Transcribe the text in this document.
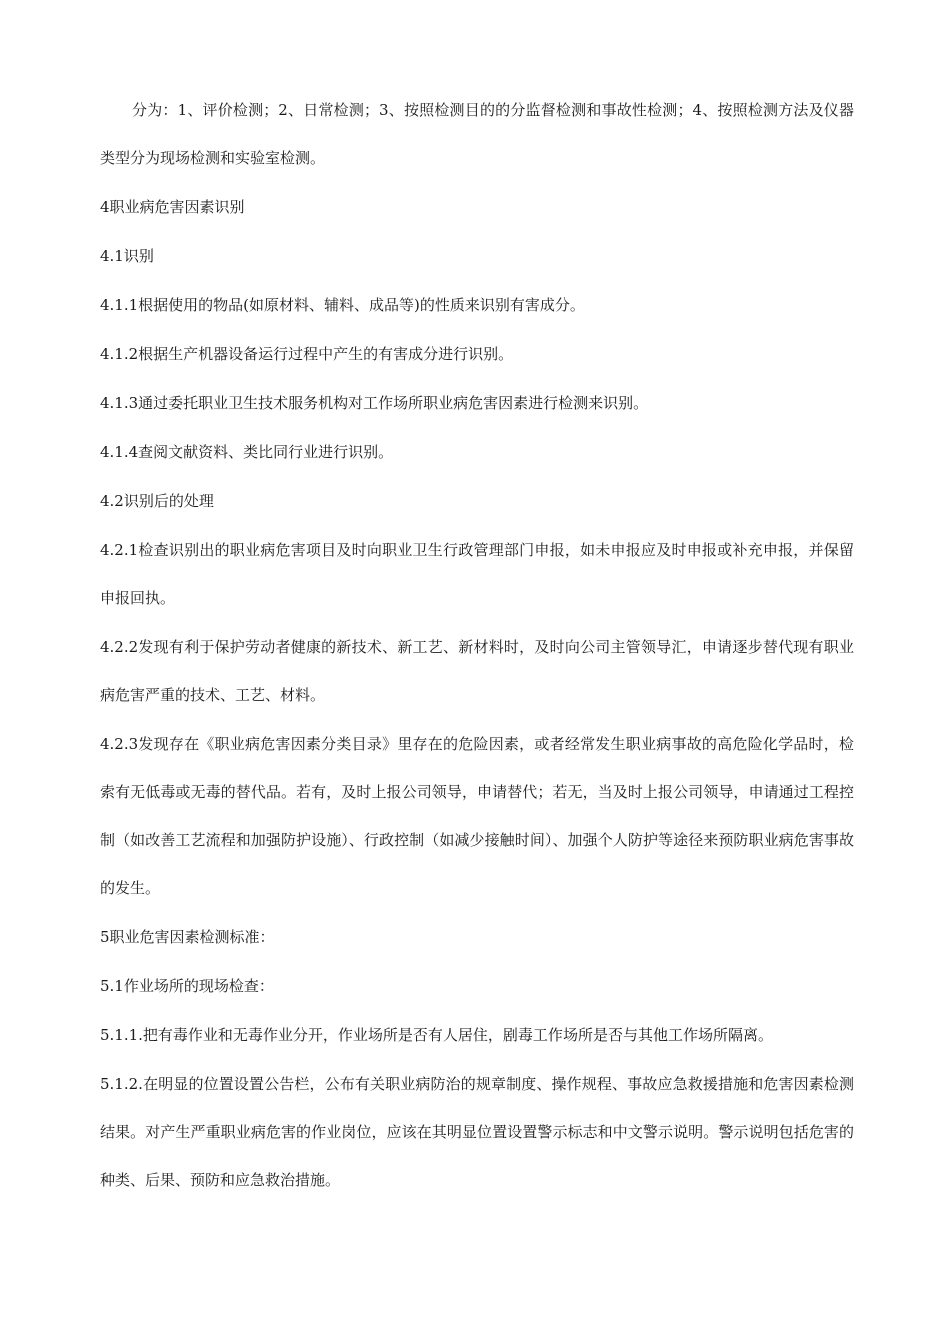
分为：1、评价检测；2、日常检测；3、按照检测目的的分监督检测和事故性检测；4、按照检测方法及仪器类型分为现场检测和实验室检测。

4职业病危害因素识别

4.1识别

4.1.1根据使用的物品(如原材料、辅料、成品等)的性质来识别有害成分。

4.1.2根据生产机器设备运行过程中产生的有害成分进行识别。

4.1.3通过委托职业卫生技术服务机构对工作场所职业病危害因素进行检测来识别。

4.1.4查阅文献资料、类比同行业进行识别。

4.2识别后的处理

4.2.1检查识别出的职业病危害项目及时向职业卫生行政管理部门申报，如未申报应及时申报或补充申报，并保留申报回执。

4.2.2发现有利于保护劳动者健康的新技术、新工艺、新材料时，及时向公司主管领导汇，申请逐步替代现有职业病危害严重的技术、工艺、材料。

4.2.3发现存在《职业病危害因素分类目录》里存在的危险因素，或者经常发生职业病事故的高危险化学品时，检索有无低毒或无毒的替代品。若有，及时上报公司领导，申请替代；若无，当及时上报公司领导，申请通过工程控制（如改善工艺流程和加强防护设施）、行政控制（如减少接触时间）、加强个人防护等途径来预防职业病危害事故的发生。

5职业危害因素检测标准：

5.1作业场所的现场检查：

5.1.1.把有毒作业和无毒作业分开，作业场所是否有人居住，剧毒工作场所是否与其他工作场所隔离。

5.1.2.在明显的位置设置公告栏，公布有关职业病防治的规章制度、操作规程、事故应急救援措施和危害因素检测结果。对产生严重职业病危害的作业岗位，应该在其明显位置设置警示标志和中文警示说明。警示说明包括危害的种类、后果、预防和应急救治措施。
